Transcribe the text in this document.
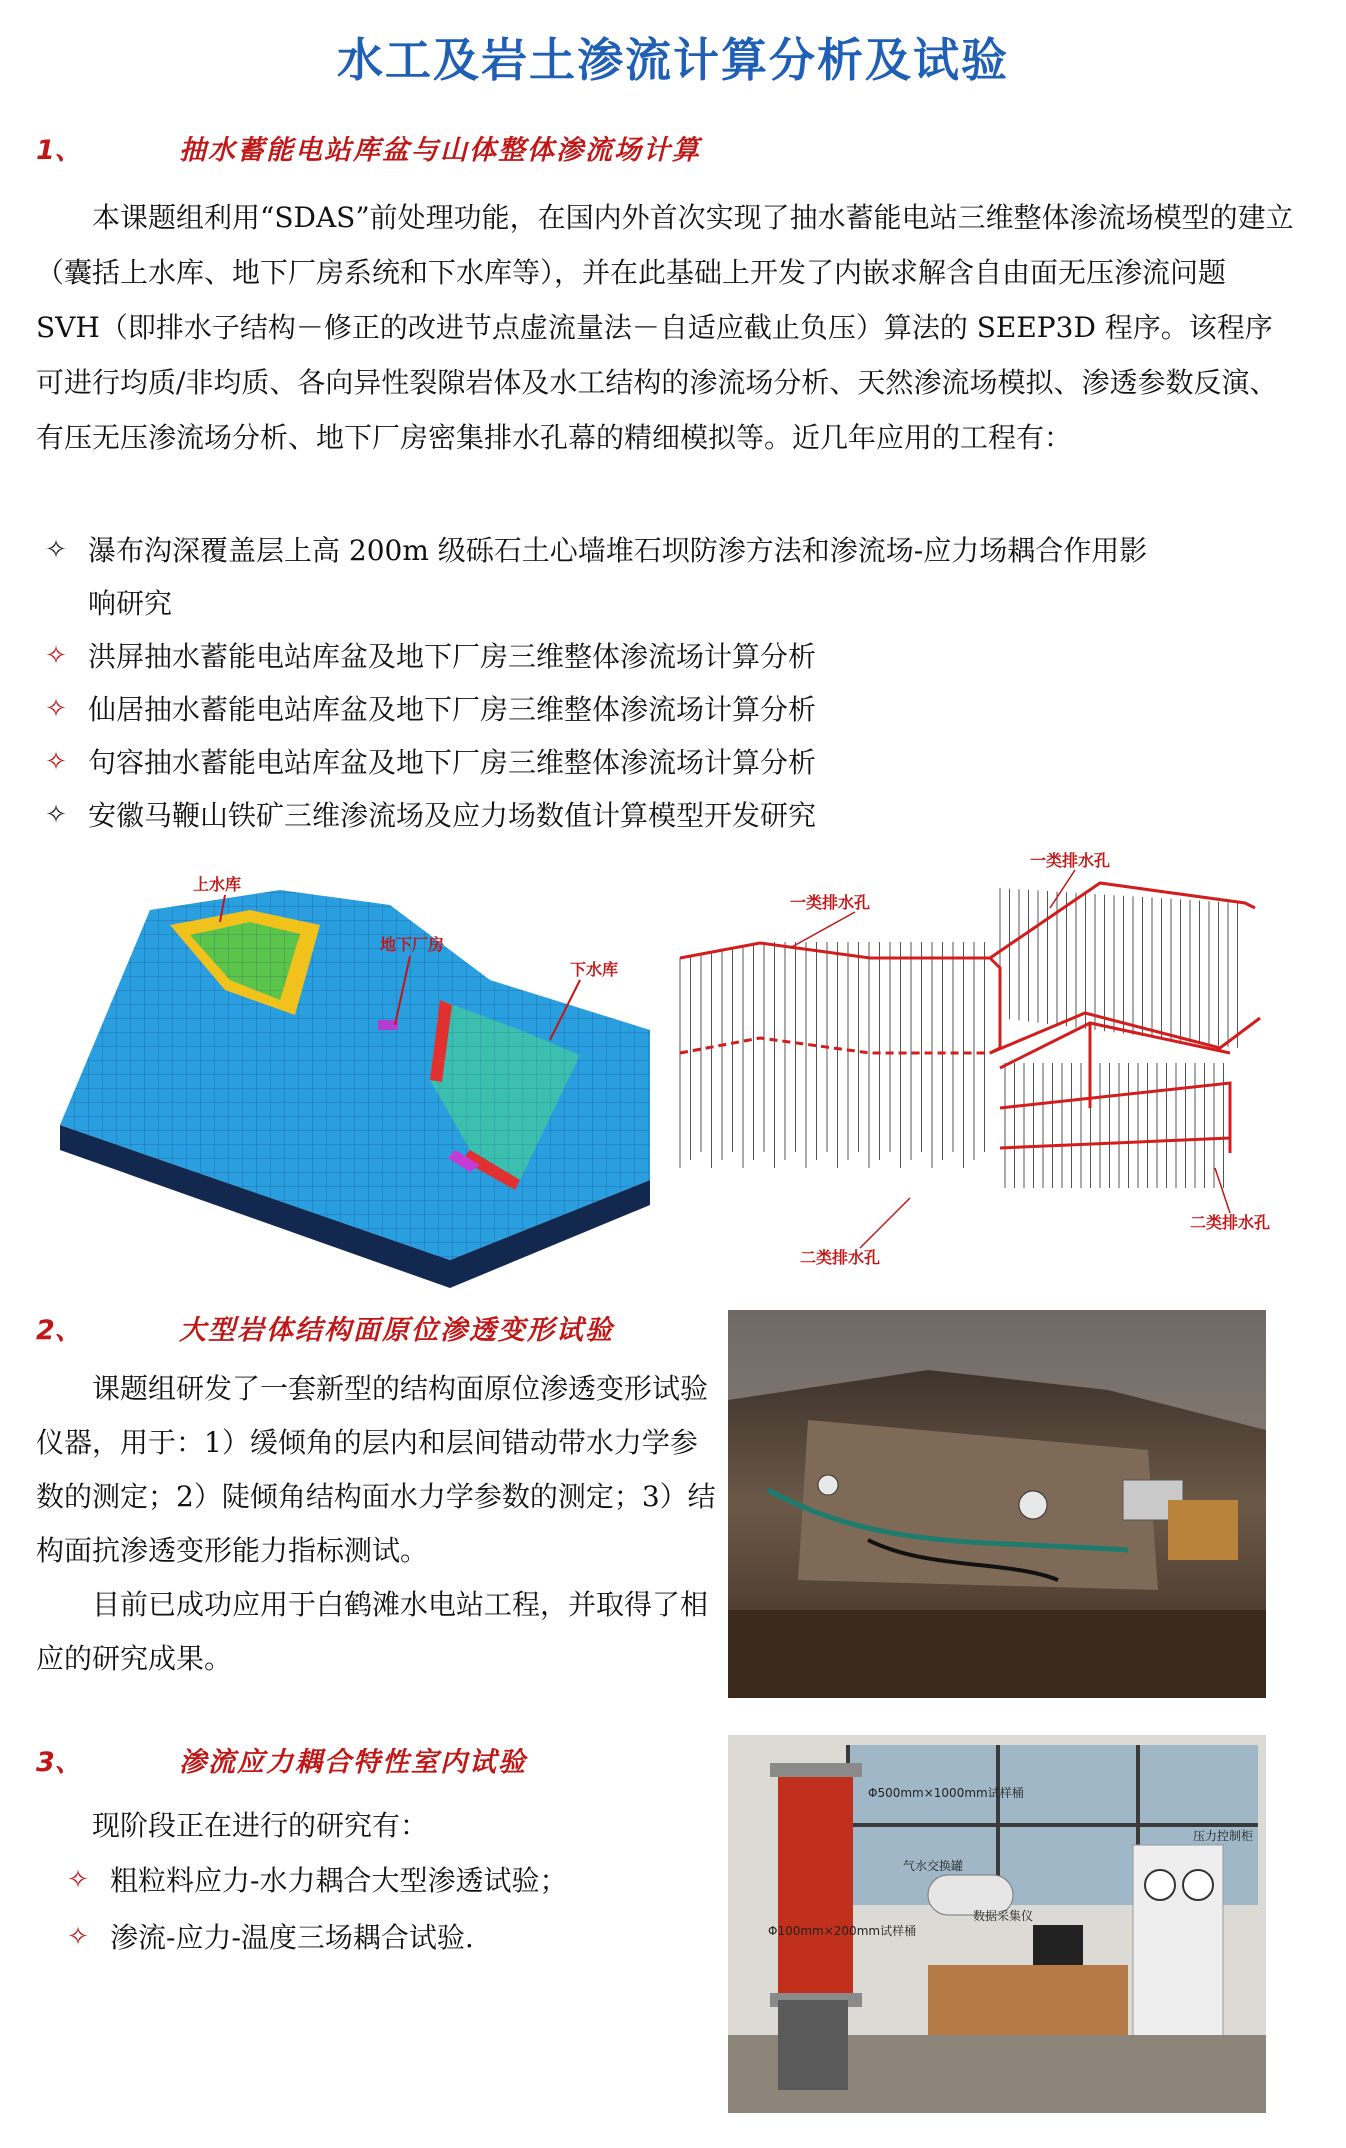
水工及岩土渗流计算分析及试验
1、	抽水蓄能电站库盆与山体整体渗流场计算

本课题组利用“SDAS”前处理功能，在国内外首次实现了抽水蓄能电站三维整体渗流场模型的建立（囊括上水库、地下厂房系统和下水库等），并在此基础上开发了内嵌求解含自由面无压渗流问题 SVH（即排水子结构－修正的改进节点虚流量法－自适应截止负压）算法的 SEEP3D 程序。该程序可进行均质/非均质、各向异性裂隙岩体及水工结构的渗流场分析、天然渗流场模拟、渗透参数反演、有压无压渗流场分析、地下厂房密集排水孔幕的精细模拟等。近几年应用的工程有：

✧ 瀑布沟深覆盖层上高 200m 级砾石土心墙堆石坝防渗方法和渗流场-应力场耦合作用影
响研究
✧ 洪屏抽水蓄能电站库盆及地下厂房三维整体渗流场计算分析
✧ 仙居抽水蓄能电站库盆及地下厂房三维整体渗流场计算分析
✧ 句容抽水蓄能电站库盆及地下厂房三维整体渗流场计算分析
✧ 安徽马鞭山铁矿三维渗流场及应力场数值计算模型开发研究
上水库
地下厂房
下水库
一类排水孔
一类排水孔
二类排水孔
二类排水孔
2、	大型岩体结构面原位渗透变形试验

课题组研发了一套新型的结构面原位渗透变形试验仪器，用于：1）缓倾角的层内和层间错动带水力学参数的测定；2）陡倾角结构面水力学参数的测定；3）结构面抗渗透变形能力指标测试。

目前已成功应用于白鹤滩水电站工程，并取得了相应的研究成果。

3、	渗流应力耦合特性室内试验

现阶段正在进行的研究有：

✧ 粗粒料应力-水力耦合大型渗透试验；
✧ 渗流-应力-温度三场耦合试验.
Φ500mm×1000mm试样桶
Φ100mm×200mm试样桶
气水交换罐
数据采集仪
压力控制柜
